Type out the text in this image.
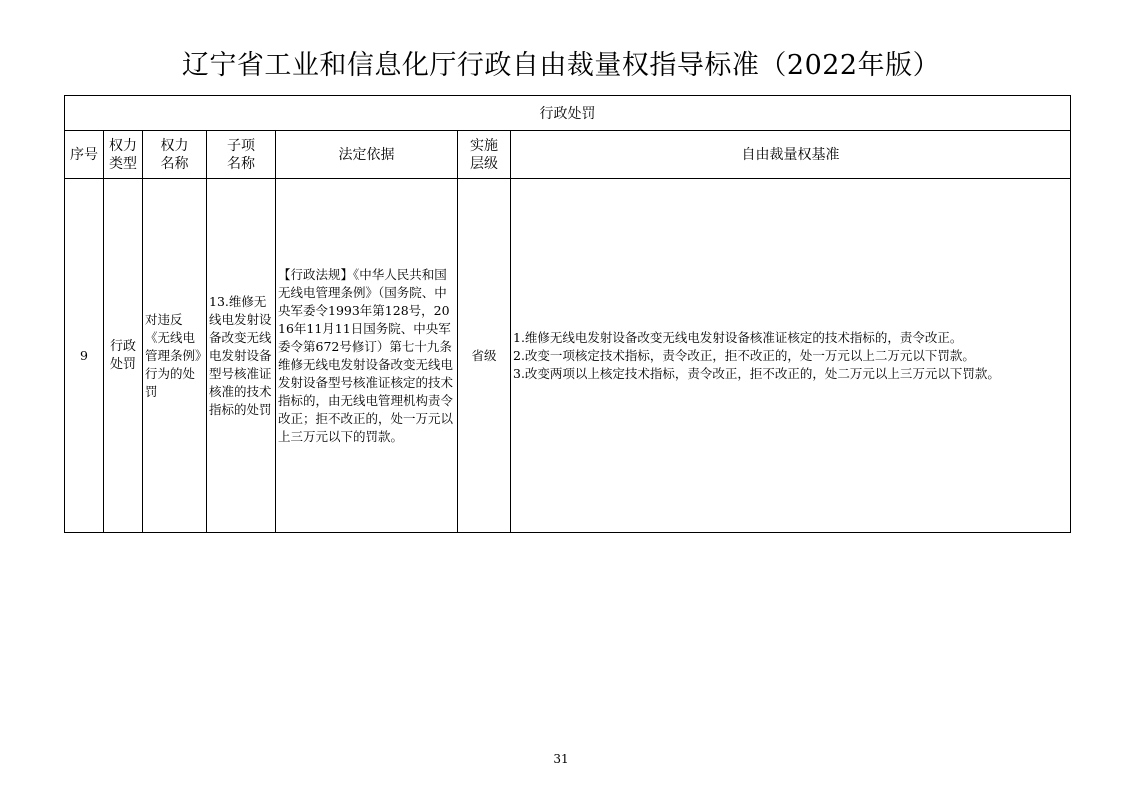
辽宁省工业和信息化厅行政自由裁量权指导标准（2022年版）
行政处罚						
序号	权力类型	权力名称	子项名称	法定依据	实施层级	自由裁量权基准
9	行政处罚	对违反《无线电管理条例》行为的处罚	13.维修无线电发射设备改变无线电发射设备型号核准证核准的技术指标的处罚	【行政法规】《中华人民共和国无线电管理条例》（国务院、中央军委令1993年第128号，2016年11月11日国务院、中央军委令第672号修订）第七十九条 维修无线电发射设备改变无线电发射设备型号核准证核定的技术指标的，由无线电管理机构责令改正；拒不改正的，处一万元以上三万元以下的罚款。	省级	1.维修无线电发射设备改变无线电发射设备核准证核定的技术指标的，责令改正。
2.改变一项核定技术指标，责令改正，拒不改正的，处一万元以上二万元以下罚款。
3.改变两项以上核定技术指标，责令改正，拒不改正的，处二万元以上三万元以下罚款。
31
